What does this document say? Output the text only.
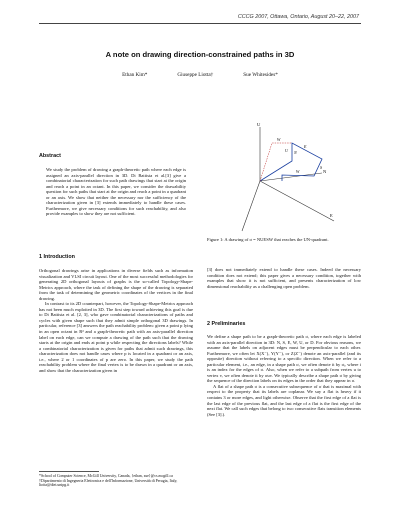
CCCG 2007, Ottawa, Ontario, August 20–22, 2007
A note on drawing direction-constrained paths in 3D
Ethan Kim*	Giuseppe Liotta†	Sue Whitesides*
Abstract
We study the problem of drawing a graph-theoretic path where each edge is assigned an axis-parallel direction in 3D. Di Battista et al.[3] give a combinatorial characterization for such path drawings that start at the origin and reach a point in an octant. In this paper, we consider the drawability question for such paths that start at the origin and reach a point in a quadrant or an axis. We show that neither the necessary nor the sufficiency of the characterization given in [3] extends immediately to handle these cases. Furthermore, we give necessary conditions for such reachability, and also provide examples to show they are not sufficient.
1 Introduction

Orthogonal drawings arise in applications in diverse fields such as information visualization and VLSI circuit layout. One of the most successful methodologies for generating 2D orthogonal layouts of graphs is the so-called Topology-Shape-Metrics approach, where the task of defining the shape of the drawing is separated from the task of determining the geometric coordinates of the vertices in the final drawing.

In contrast to its 2D counterpart, however, the Topology-Shape-Metrics approach has not been much exploited in 3D. The first step toward achieving this goal is due to Di Battista et al. [2, 3], who gave combinatorial characterizations of paths and cycles with given shape such that they admit simple orthogonal 3D drawings. In particular, reference [3] answers the path reachability problem: given a point p lying in an open octant in R³ and a graph-theoretic path with an axis-parallel direction label on each edge, can we compute a drawing of the path such that the drawing starts at the origin and ends at point p while respecting the directions labels? While a combinatorial characterization is given for paths that admit such drawings, this characterization does not handle cases where p is located in a quadrant or an axis, i.e., where 2 or 1 coordinates of p are zero. In this paper, we study the path reachability problem where the final vertex is to be drawn in a quadrant or an axis, and show that the characterization given in

*School of Computer Science, McGill University, Canada, {ethan, sue}@cs.mcgill.ca
†Dipartimento di Ingegneria Elettronica e dell'Informazione, Università di Perugia, Italy, liotta@diei.unipg.it
U
N
E
W
E
N
S
U
W
Figure 1: A drawing of σ = NUESW that reaches the UN-quadrant.
[3] does not immediately extend to handle these cases. Indeed the necessary condition does not extend; this paper gives a necessary condition, together with examples that show it is not sufficient, and presents characterization of low dimensional reachability as a challenging open problem.
2 Preliminaries

We define a shape path to be a graph-theoretic path σ, where each edge is labeled with an axis-parallel direction in 3D: N, S, E, W, U, or D. For obvious reasons, we assume that the labels on adjacent edges must be perpendicular to each other. Furthermore, we often let X(X⁻), Y(Y⁻), or Z(Z⁻) denote an axis-parallel (and its opposite) direction without referring to a specific direction. When we refer to a particular element, i.e., an edge, in a shape path σ, we often denote it by σᵢ, where i is an index for the edges of σ. Also, when we refer to a subpath from vertex u to vertex v, we often denote it by σuv. We typically describe a shape path σ by giving the sequence of the direction labels on its edges in the order that they appear in σ.

A flat of a shape path σ is a consecutive subsequence of σ that is maximal with respect to the property that its labels are coplanar. We say a flat is heavy if it contains 3 or more edges, and light otherwise. Observe that the first edge of a flat is the last edge of the previous flat, and the last edge of a flat is the first edge of the next flat. We call such edges that belong to two consecutive flats transition elements (See [3].).
